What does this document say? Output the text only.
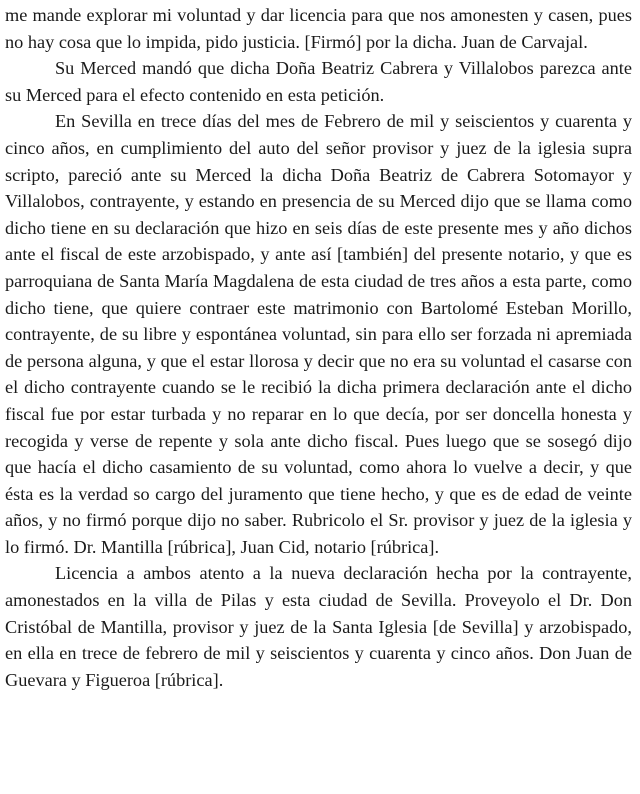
me mande explorar mi voluntad y dar licencia para que nos amonesten y casen, pues no hay cosa que lo impida, pido justicia. [Firmó] por la dicha. Juan de Carvajal.

Su Merced mandó que dicha Doña Beatriz Cabrera y Villalobos parezca ante su Merced para el efecto contenido en esta petición.

En Sevilla en trece días del mes de Febrero de mil y seiscientos y cuarenta y cinco años, en cumplimiento del auto del señor provisor y juez de la iglesia supra scripto, pareció ante su Merced la dicha Doña Beatriz de Cabrera Sotomayor y Villalobos, contrayente, y estando en presencia de su Merced dijo que se llama como dicho tiene en su declaración que hizo en seis días de este presente mes y año dichos ante el fiscal de este arzobispado, y ante así [también] del presente notario, y que es parroquiana de Santa María Magdalena de esta ciudad de tres años a esta parte, como dicho tiene, que quiere contraer este matrimonio con Bartolomé Esteban Morillo, contrayente, de su libre y espontánea voluntad, sin para ello ser forzada ni apremiada de persona alguna, y que el estar llorosa y decir que no era su voluntad el casarse con el dicho contrayente cuando se le recibió la dicha primera declaración ante el dicho fiscal fue por estar turbada y no reparar en lo que decía, por ser doncella honesta y recogida y verse de repente y sola ante dicho fiscal. Pues luego que se sosegó dijo que hacía el dicho casamiento de su voluntad, como ahora lo vuelve a decir, y que ésta es la verdad so cargo del juramento que tiene hecho, y que es de edad de veinte años, y no firmó porque dijo no saber. Rubricolo el Sr. provisor y juez de la iglesia y lo firmó. Dr. Mantilla [rúbrica], Juan Cid, notario [rúbrica].

Licencia a ambos atento a la nueva declaración hecha por la contrayente, amonestados en la villa de Pilas y esta ciudad de Sevilla. Proveyolo el Dr. Don Cristóbal de Mantilla, provisor y juez de la Santa Iglesia [de Sevilla] y arzobispado, en ella en trece de febrero de mil y seiscientos y cuarenta y cinco años. Don Juan de Guevara y Figueroa [rúbrica].
